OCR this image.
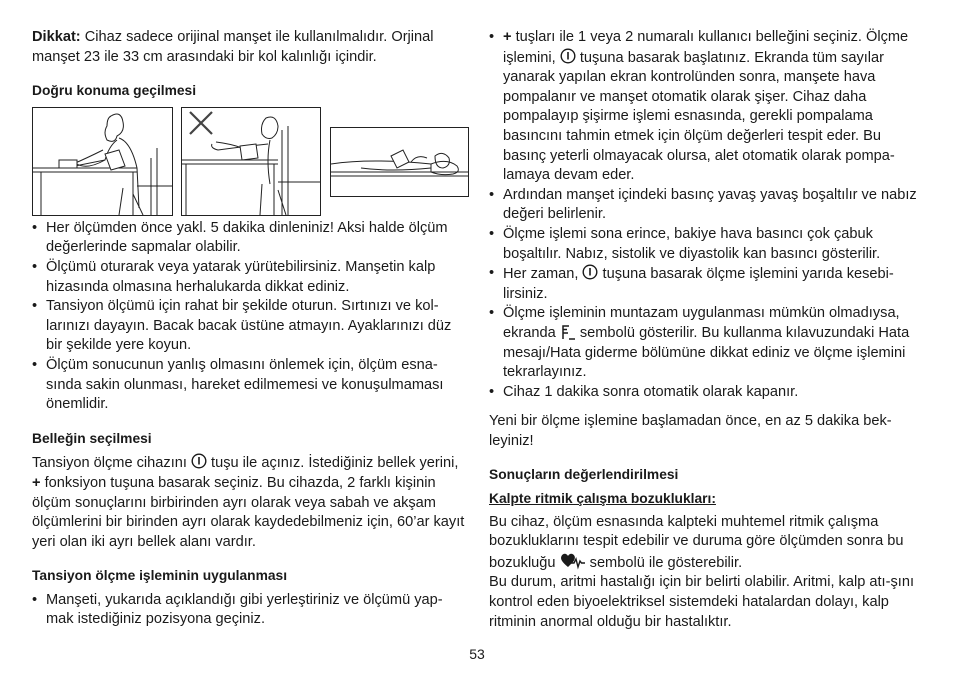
Dikkat: Cihaz sadece orijinal manşet ile kullanılmalıdır. Orjinal manşet 23 ile 33 cm arasındaki bir kol kalınlığı içindir.

Doğru konuma geçilmesi

• Her ölçümden önce yakl. 5 dakika dinleniniz! Aksi halde ölçüm değerlerinde sapmalar olabilir.
• Ölçümü oturarak veya yatarak yürütebilirsiniz. Manşetin kalp hizasında olmasına herhalukarda dikkat ediniz.
• Tansiyon ölçümü için rahat bir şekilde oturun. Sırtınızı ve kol-larınızı dayayın. Bacak bacak üstüne atmayın. Ayaklarınızı düz bir şekilde yere koyun.
• Ölçüm sonucunun yanlış olmasını önlemek için, ölçüm esna-sında sakin olunması, hareket edilmemesi ve konuşulmaması önemlidir.

Belleğin seçilmesi

Tansiyon ölçme cihazını  tuşu ile açınız. İstediğiniz bellek yerini, + fonksiyon tuşuna basarak seçiniz. Bu cihazda, 2 farklı kişinin ölçüm sonuçlarını birbirinden ayrı olarak veya sabah ve akşam ölçümlerini bir birinden ayrı olarak kaydedebilmeniz için, 60’ar kayıt yeri olan iki ayrı bellek alanı vardır.

Tansiyon ölçme işleminin uygulanması

• Manşeti, yukarıda açıklandığı gibi yerleştiriniz ve ölçümü yap-mak istediğiniz pozisyona geçiniz.
• + tuşları ile 1 veya 2 numaralı kullanıcı belleğini seçiniz. Ölçme işlemini,  tuşuna basarak başlatınız. Ekranda tüm sayılar yanarak yapılan ekran kontrolünden sonra, manşete hava pompalanır ve manşet otomatik olarak şişer. Cihaz daha pompalayıp şişirme işlemi esnasında, gerekli pompalama basıncını tahmin etmek için ölçüm değerleri tespit eder. Bu basınç yeterli olmayacak olursa, alet otomatik olarak pompa-lamaya devam eder.
• Ardından manşet içindeki basınç yavaş yavaş boşaltılır ve nabız değeri belirlenir.
• Ölçme işlemi sona erince, bakiye hava basıncı çok çabuk boşaltılır. Nabız, sistolik ve diyastolik kan basıncı gösterilir.
• Her zaman,  tuşuna basarak ölçme işlemini yarıda kesebi-lirsiniz.
• Ölçme işleminin muntazam uygulanması mümkün olmadıysa, ekranda  sembolü gösterilir. Bu kullanma kılavuzundaki Hata mesajı/Hata giderme bölümüne dikkat ediniz ve ölçme işlemini tekrarlayınız.
• Cihaz 1 dakika sonra otomatik olarak kapanır.

Yeni bir ölçme işlemine başlamadan önce, en az 5 dakika bek-leyiniz!

Sonuçların değerlendirilmesi

Kalpte ritmik çalışma bozuklukları:

Bu cihaz, ölçüm esnasında kalpteki muhtemel ritmik çalışma bozukluklarını tespit edebilir ve duruma göre ölçümden sonra bu bozukluğu  sembolü ile gösterebilir.
Bu durum, aritmi hastalığı için bir belirti olabilir. Aritmi, kalp atı-şını kontrol eden biyoelektriksel sistemdeki hatalardan dolayı, kalp ritminin anormal olduğu bir hastalıktır.

53
